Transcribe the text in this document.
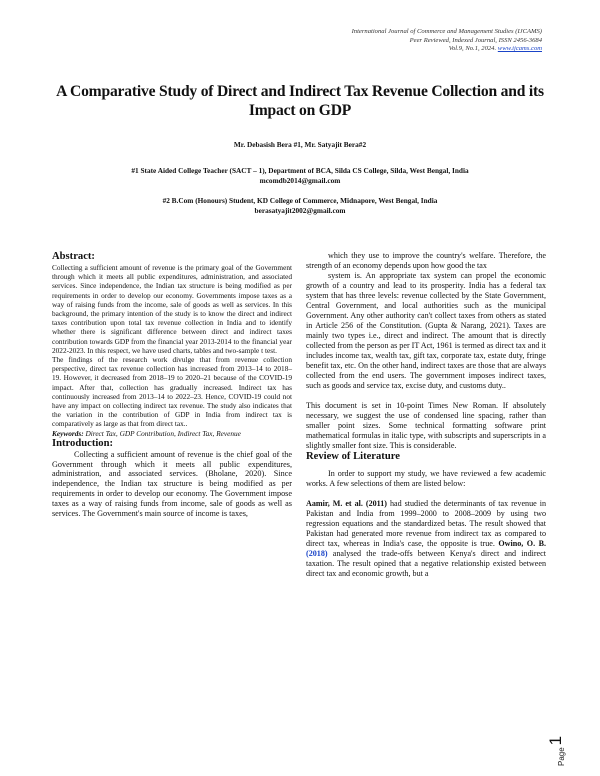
International Journal of Commerce and Management Studies (IJCAMS)
Peer Reviewed, Indexed Journal, ISSN 2456-3684
Vol.9, No.1, 2024. www.ijcams.com
A Comparative Study of Direct and Indirect Tax Revenue Collection and its Impact on GDP
Mr. Debasish Bera #1, Mr. Satyajit Bera#2
#1 State Aided College Teacher (SACT – 1), Department of BCA, Silda CS College, Silda, West Bengal, India
mcomdb2014@gmail.com
#2 B.Com (Honours) Student, KD College of Commerce, Midnapore, West Bengal, India
berasatyajit2002@gmail.com

Abstract:

Collecting a sufficient amount of revenue is the primary goal of the Government through which it meets all public expenditures, administration, and associated services. Since independence, the Indian tax structure is being modified as per requirements in order to develop our economy. Governments impose taxes as a way of raising funds from the income, sale of goods as well as services. In this background, the primary intention of the study is to know the direct and indirect taxes contribution upon total tax revenue collection in India and to identify whether there is significant difference between direct and indirect taxes contribution towards GDP from the financial year 2013-2014 to the financial year 2022-2023. In this respect, we have used charts, tables and two-sample t test.

The findings of the research work divulge that from revenue collection perspective, direct tax revenue collection has increased from 2013–14 to 2018–19. However, it decreased from 2018–19 to 2020–21 because of the COVID-19 impact. After that, collection has gradually increased. Indirect tax has continuously increased from 2013–14 to 2022–23. Hence, COVID-19 could not have any impact on collecting indirect tax revenue. The study also indicates that the variation in the contribution of GDP in India from indirect tax is comparatively as large as that from direct tax..

Keywords: Direct Tax, GDP Contribution, Indirect Tax, Revenue

Introduction:

Collecting a sufficient amount of revenue is the chief goal of the Government through which it meets all public expenditures, administration, and associated services. (Bholane, 2020). Since independence, the Indian tax structure is being modified as per requirements in order to develop our economy. The Government impose taxes as a way of raising funds from income, sale of goods as well as services. The Government's main source of income is taxes,

which they use to improve the country's welfare. Therefore, the strength of an economy depends upon how good the tax

system is. An appropriate tax system can propel the economic growth of a country and lead to its prosperity. India has a federal tax system that has three levels: revenue collected by the State Government, Central Government, and local authorities such as the municipal Government. Any other authority can't collect taxes from others as stated in Article 256 of the Constitution. (Gupta & Narang, 2021). Taxes are mainly two types i.e., direct and indirect. The amount that is directly collected from the person as per IT Act, 1961 is termed as direct tax and it includes income tax, wealth tax, gift tax, corporate tax, estate duty, fringe benefit tax, etc. On the other hand, indirect taxes are those that are always collected from the end users. The government imposes indirect taxes, such as goods and service tax, excise duty, and customs duty..

This document is set in 10-point Times New Roman. If absolutely necessary, we suggest the use of condensed line spacing, rather than smaller point sizes. Some technical formatting software print mathematical formulas in italic type, with subscripts and superscripts in a slightly smaller font size. This is considerable.

Review of Literature

In order to support my study, we have reviewed a few academic works. A few selections of them are listed below:

Aamir, M. et al. (2011) had studied the determinants of tax revenue in Pakistan and India from 1999–2000 to 2008–2009 by using two regression equations and the standardized betas. The result showed that Pakistan had generated more revenue from indirect tax as compared to direct tax, whereas in India's case, the opposite is true. Owino, O. B. (2018) analysed the trade-offs between Kenya's direct and indirect taxation. The result opined that a negative relationship existed between direct tax and economic growth, but a

Page1
